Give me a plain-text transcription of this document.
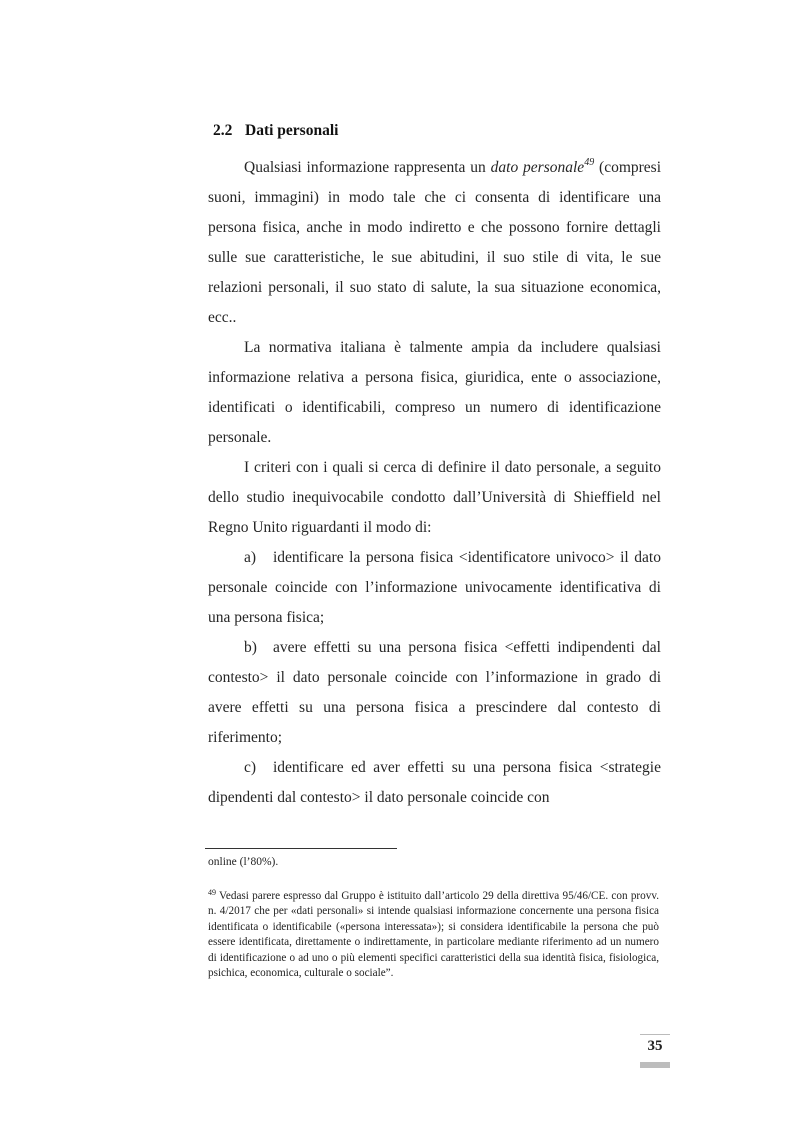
2.2 Dati personali

Qualsiasi informazione rappresenta un dato personale$^{49}$ (compresi suoni, immagini) in modo tale che ci consenta di identificare una persona fisica, anche in modo indiretto e che possono fornire dettagli sulle sue caratteristiche, le sue abitudini, il suo stile di vita, le sue relazioni personali, il suo stato di salute, la sua situazione economica, ecc..

La normativa italiana è talmente ampia da includere qualsiasi informazione relativa a persona fisica, giuridica, ente o associazione, identificati o identificabili, compreso un numero di identificazione personale.

I criteri con i quali si cerca di definire il dato personale, a seguito dello studio inequivocabile condotto dall’Università di Shieffield nel Regno Unito riguardanti il modo di:

a) identificare la persona fisica <identificatore univoco> il dato personale coincide con l’informazione univocamente identificativa di una persona fisica;

b) avere effetti su una persona fisica <effetti indipendenti dal contesto> il dato personale coincide con l’informazione in grado di avere effetti su una persona fisica a prescindere dal contesto di riferimento;

c) identificare ed aver effetti su una persona fisica <strategie dipendenti dal contesto> il dato personale coincide con

online (l’80%).
$^{49}$ Vedasi parere espresso dal Gruppo è istituito dall’articolo 29 della direttiva 95/46/CE. con provv. n. 4/2017 che per «dati personali» si intende qualsiasi informazione concernente una persona fisica identificata o identificabile («persona interessata»); si considera identificabile la persona che può essere identificata, direttamente o indirettamente, in particolare mediante riferimento ad un numero di identificazione o ad uno o più elementi specifici caratteristici della sua identità fisica, fisiologica, psichica, economica, culturale o sociale”.
35
